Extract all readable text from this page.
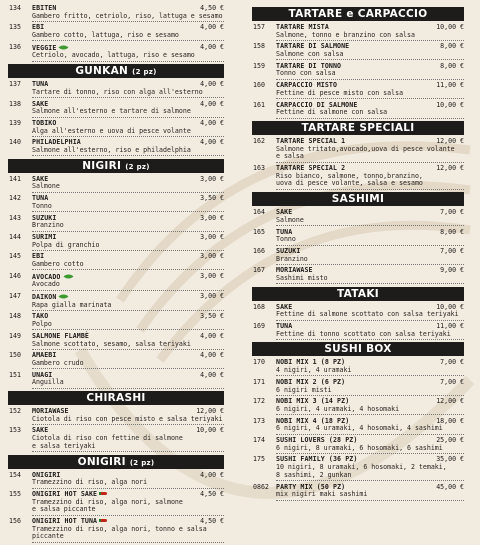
134	EBITEN	4,50 €
Gambero fritto, cetriolo, riso, lattuga e sesamo
135	EBI	4,00 €
Gambero cotto, lattuga, riso e sesamo
136	VEGGIE	4,00 €
Cetriolo, avocado, lattuga, riso e sesamo
GUNKAN (2 pz)
137	TUNA	4,00 €
Tartare di tonno, riso con alga all'esterno
138	SAKE	4,00 €
Salmone all'esterno e tartare di salmone
139	TOBIKO	4,00 €
Alga all'esterno e uova di pesce volante
140	PHILADELPHIA	4,00 €
Salmone all'esterno, riso e philadelphia
NIGIRI (2 pz)
141	SAKE	3,00 €
Salmone
142	TUNA	3,50 €
Tonno
143	SUZUKI	3,00 €
Branzino
144	SURIMI	3,00 €
Polpa di granchio
145	EBI	3,00 €
Gambero cotto
146	AVOCADO	3,00 €
Avocado
147	DAIKON	3,00 €
Rapa gialla marinata
148	TAKO	3,50 €
Polpo
149	SALMONE FLAMBÈ	4,00 €
Salmone scottato, sesamo, salsa teriyaki
150	AMAEBI	4,00 €
Gambero crudo
151	UNAGI	4,00 €
Anguilla
CHIRASHI
152	MORIAWASE	12,00 €
Ciotola di riso con pesce misto e salsa teriyaki
153	SAKE	10,00 €
Ciotola di riso con fettine di salmone
e salsa teriyaki
ONIGIRI (2 pz)
154	ONIGIRI	4,00 €
Tramezzino di riso, alga nori
155	ONIGIRI HOT SAKE	4,50 €
Tramezzino di riso, alga nori, salmone
e salsa piccante
156	ONIGIRI HOT TUNA	4,50 €
Tramezzino di riso, alga nori, tonno e salsa piccante
TARTARE e CARPACCIO
157	TARTARE MISTA	10,00 €
Salmone, tonno e branzino con salsa
158	TARTARE DI SALMONE	8,00 €
Salmone con salsa
159	TARTARE DI TONNO	8,00 €
Tonno con salsa
160	CARPACCIO MISTO	11,00 €
Fettine di pesce misto con salsa
161	CARPACCIO DI SALMONE	10,00 €
Fettine di salmone con salsa
TARTARE SPECIALI
162	TARTARE SPECIAL 1	12,00 €
Salmone tritato,avocado,uova di pesce volante
e salsa
163	TARTARE SPECIAL 2	12,00 €
Riso bianco, salmone, tonno,branzino,
uova di pesce volante, salsa e sesamo
SASHIMI
164	SAKE	7,00 €
Salmone
165	TUNA	8,00 €
Tonno
166	SUZUKI	7,00 €
Branzino
167	MORIAWASE	9,00 €
Sashimi misto
TATAKI
168	SAKE	10,00 €
Fettine di salmone scottato con salsa teriyaki
169	TUNA	11,00 €
Fettine di tonno scottato con salsa teriyaki
SUSHI BOX
170	NOBI MIX 1 (8 PZ)	7,00 €
4 nigiri, 4 uramaki
171	NOBI MIX 2 (6 PZ)	7,00 €
6 nigiri misti
172	NOBI MIX 3 (14 PZ)	12,00 €
6 nigiri, 4 uramaki, 4 hosomaki
173	NOBI MIX 4 (18 PZ)	18,00 €
6 nigiri, 4 uramaki, 4 hosomaki, 4 sashimi
174	SUSHI LOVERS (28 PZ)	25,00 €
6 nigiri, 8 uramaki, 6 hosomaki, 6 sashimi
175	SUSHI FAMILY (36 PZ)	35,00 €
10 nigiri, 8 uramaki, 6 hosomaki, 2 temaki,
8 sashimi, 2 gunkan
0862	PARTY MIX (50 PZ)	45,00 €
mix nigiri maki sashimi
